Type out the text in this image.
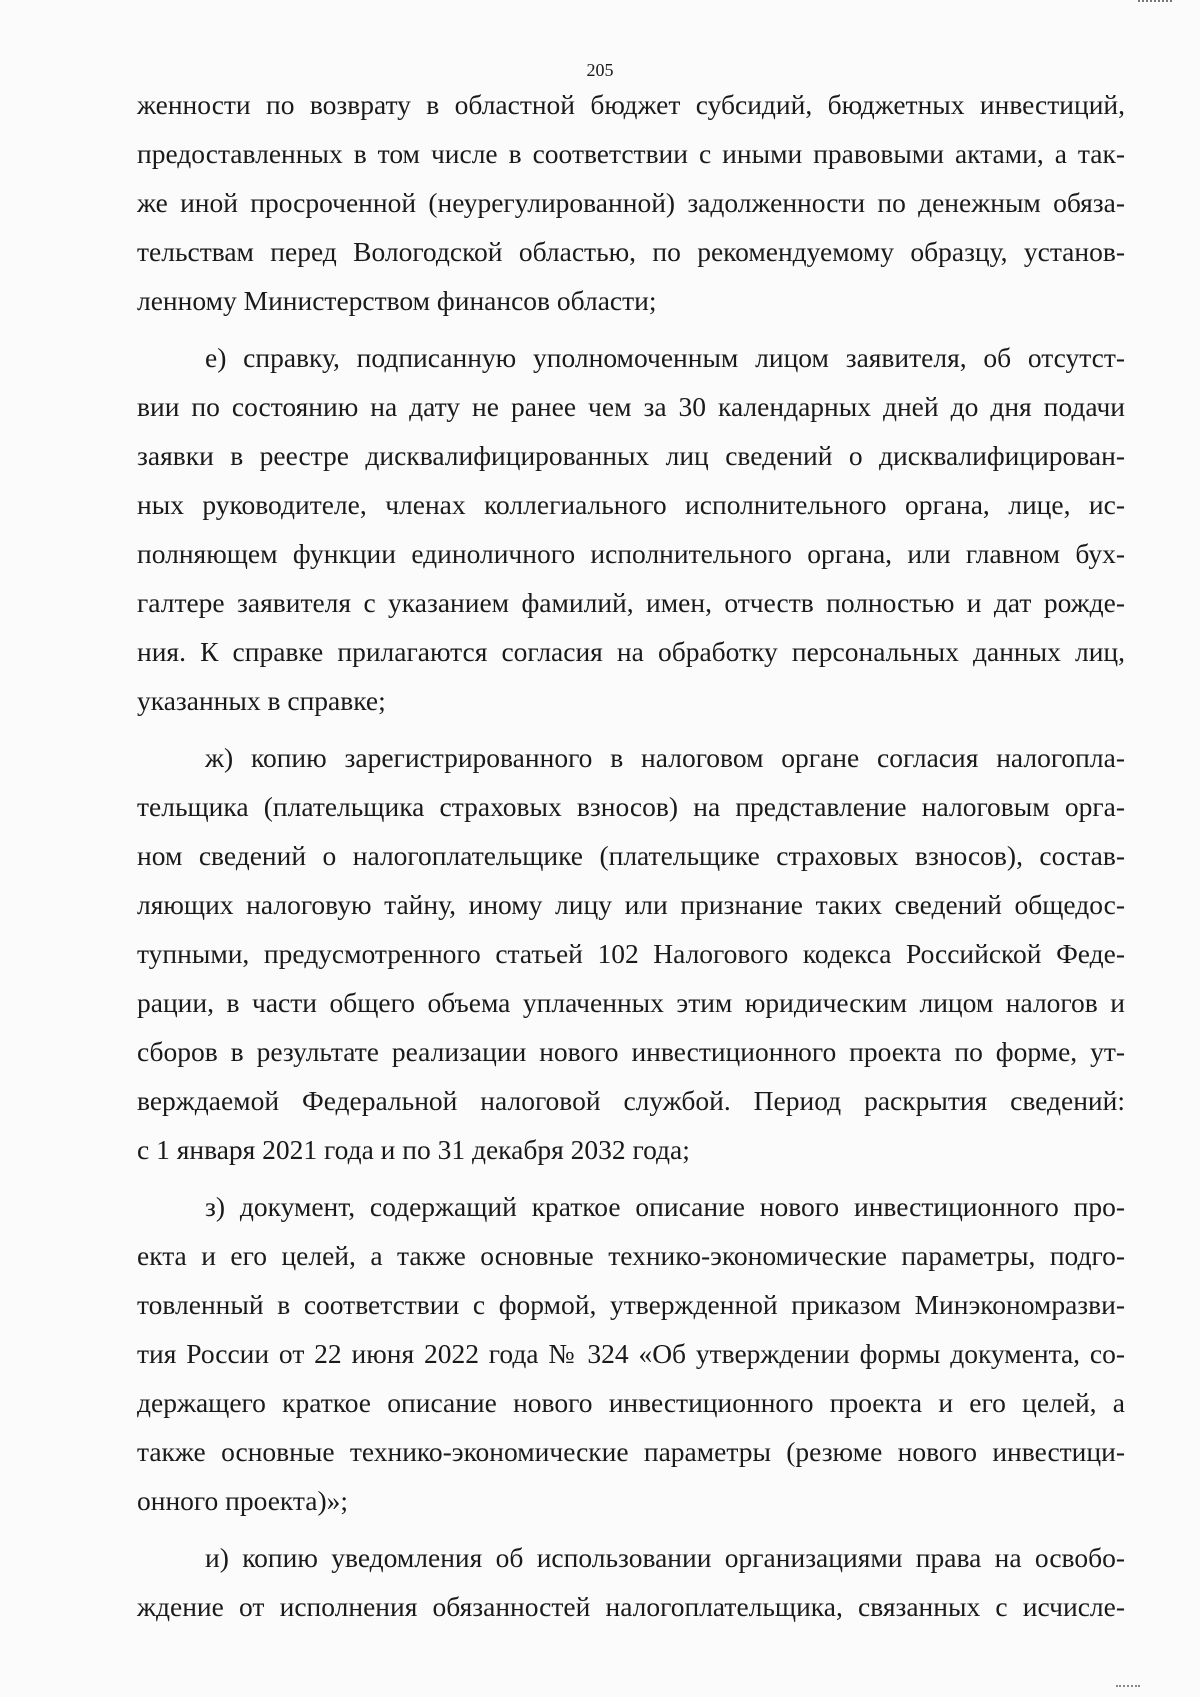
205
женности по возврату в областной бюджет субсидий, бюджетных инвестиций,
предоставленных в том числе в соответствии с иными правовыми актами, а так-
же иной просроченной (неурегулированной) задолженности по денежным обяза-
тельствам перед Вологодской областью, по рекомендуемому образцу, установ-
ленному Министерством финансов области;
е) справку, подписанную уполномоченным лицом заявителя, об отсутст-
вии по состоянию на дату не ранее чем за 30 календарных дней до дня подачи
заявки в реестре дисквалифицированных лиц сведений о дисквалифицирован-
ных руководителе, членах коллегиального исполнительного органа, лице, ис-
полняющем функции единоличного исполнительного органа, или главном бух-
галтере заявителя с указанием фамилий, имен, отчеств полностью и дат рожде-
ния. К справке прилагаются согласия на обработку персональных данных лиц,
указанных в справке;
ж) копию зарегистрированного в налоговом органе согласия налогопла-
тельщика (плательщика страховых взносов) на представление налоговым орга-
ном сведений о налогоплательщике (плательщике страховых взносов), состав-
ляющих налоговую тайну, иному лицу или признание таких сведений общедос-
тупными, предусмотренного статьей 102 Налогового кодекса Российской Феде-
рации, в части общего объема уплаченных этим юридическим лицом налогов и
сборов в результате реализации нового инвестиционного проекта по форме, ут-
верждаемой Федеральной налоговой службой. Период раскрытия сведений:
с 1 января 2021 года и по 31 декабря 2032 года;
з) документ, содержащий краткое описание нового инвестиционного про-
екта и его целей, а также основные технико-экономические параметры, подго-
товленный в соответствии с формой, утвержденной приказом Минэкономразви-
тия России от 22 июня 2022 года № 324 «Об утверждении формы документа, со-
держащего краткое описание нового инвестиционного проекта и его целей, а
также основные технико-экономические параметры (резюме нового инвестици-
онного проекта)»;
и) копию уведомления об использовании организациями права на освобо-
ждение от исполнения обязанностей налогоплательщика, связанных с исчисле-
